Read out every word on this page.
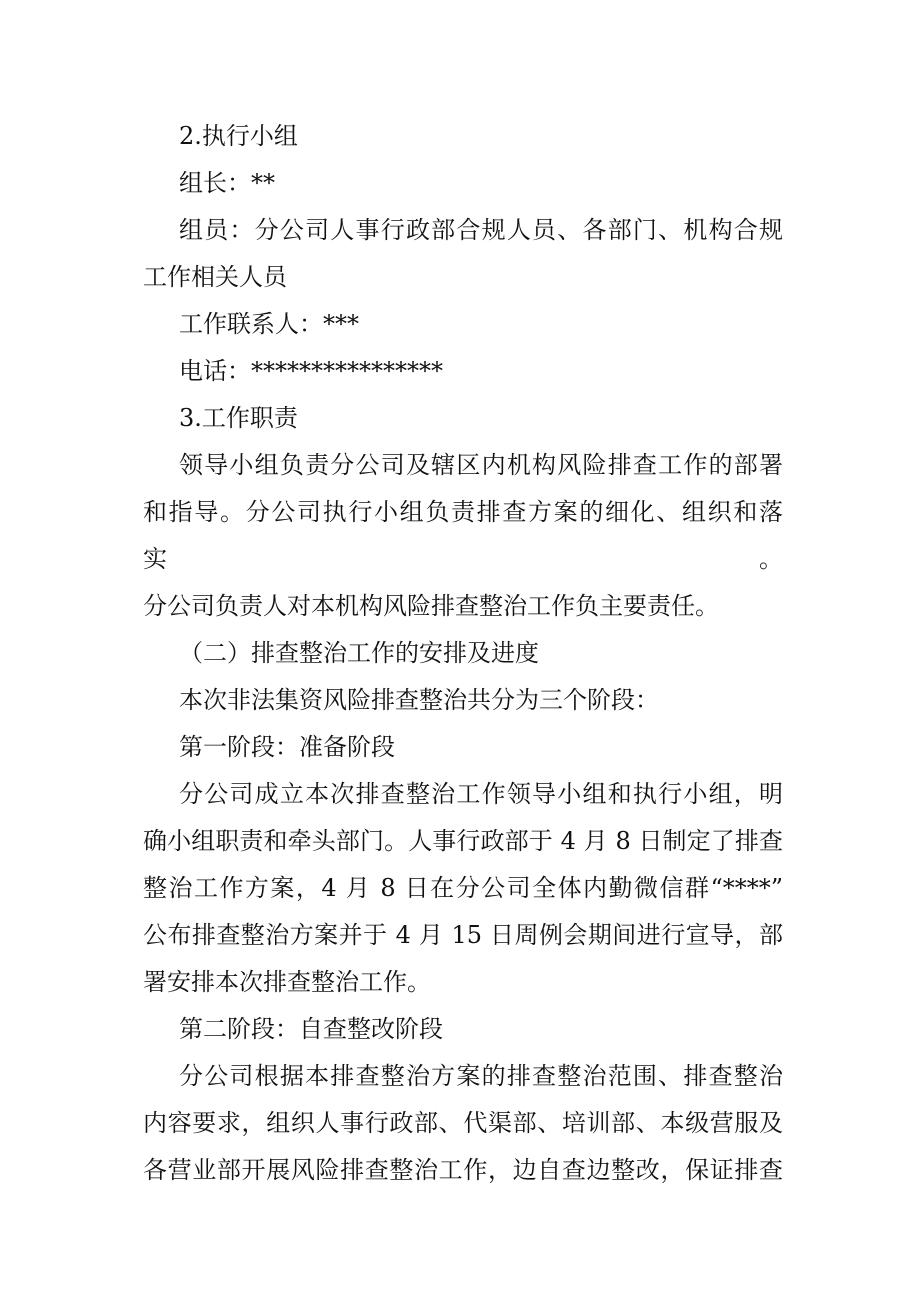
2.执行小组
组长：**
组员：分公司人事行政部合规人员、各部门、机构合规
工作相关人员
工作联系人：***
电话：****************
3.工作职责
领导小组负责分公司及辖区内机构风险排查工作的部署
和指导。分公司执行小组负责排查方案的细化、组织和落实。
分公司负责人对本机构风险排查整治工作负主要责任。
（二）排查整治工作的安排及进度
本次非法集资风险排查整治共分为三个阶段：
第一阶段：准备阶段
分公司成立本次排查整治工作领导小组和执行小组，明
确小组职责和牵头部门。人事行政部于 4 月 8 日制定了排查
整治工作方案，4 月 8 日在分公司全体内勤微信群“****”
公布排查整治方案并于 4 月 15 日周例会期间进行宣导，部
署安排本次排查整治工作。
第二阶段：自查整改阶段
分公司根据本排查整治方案的排查整治范围、排查整治
内容要求，组织人事行政部、代渠部、培训部、本级营服及
各营业部开展风险排查整治工作，边自查边整改，保证排查
